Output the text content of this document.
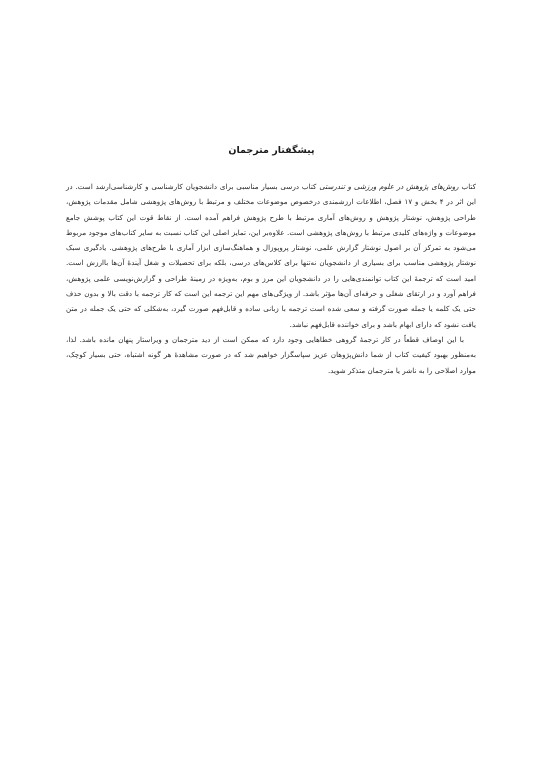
پیشگفتار مترجمان

کتاب روش‌های پژوهش در علوم ورزشی و تندرستی کتاب درسی بسیار مناسبی برای دانشجویان کارشناسی و کارشناسی‌ارشد است. در این اثر در ۴ بخش و ۱۷ فصل، اطلاعات ارزشمندی درخصوص موضوعات مختلف و مرتبط با روش‌های پژوهشی شامل مقدمات پژوهش، طراحی پژوهش، نوشتار پژوهش و روش‌های آماری مرتبط با طرح پژوهش فراهم آمده است. از نقاط قوت این کتاب پوشش جامع موضوعات و واژه‌های کلیدی مرتبط با روش‌های پژوهشی است. علاوه‌بر این، تمایز اصلی این کتاب نسبت به سایر کتاب‌های موجود مربوط می‌شود به تمرکز آن بر اصول نوشتار گزارش علمی، نوشتار پروپوزال و هماهنگ‌سازی ابزار آماری با طرح‌های پژوهشی. یادگیری سبک نوشتار پژوهشی مناسب برای بسیاری از دانشجویان نه‌تنها برای کلاس‌های درسی، بلکه برای تحصیلات و شغل آیندهٔ آن‌ها باارزش است. امید است که ترجمهٔ این کتاب توانمندی‌هایی را در دانشجویان این مرز و بوم، به‌ویژه در زمینهٔ طراحی و گزارش‌نویسی علمی پژوهش، فراهم آورد و در ارتقای شغلی و حرفه‌ای آن‌ها مؤثر باشد. از ویژگی‌های مهم این ترجمه این است که کار ترجمه با دقت بالا و بدون حذف حتی یک کلمه یا جمله صورت گرفته و سعی شده است ترجمه با زبانی ساده و قابل‌فهم صورت گیرد، به‌شکلی که حتی یک جمله در متن یافت نشود که دارای ابهام باشد و برای خواننده قابل‌فهم نباشد.

با این اوصاف قطعاً در کار ترجمهٔ گروهی خطاهایی وجود دارد که ممکن است از دید مترجمان و ویراستار پنهان مانده باشد. لذا، به‌منظور بهبود کیفیت کتاب از شما دانش‌پژوهان عزیز سپاسگزار خواهیم شد که در صورت مشاهدهٔ هر گونه اشتباه، حتی بسیار کوچک، موارد اصلاحی را به ناشر یا مترجمان متذکر شوید.
